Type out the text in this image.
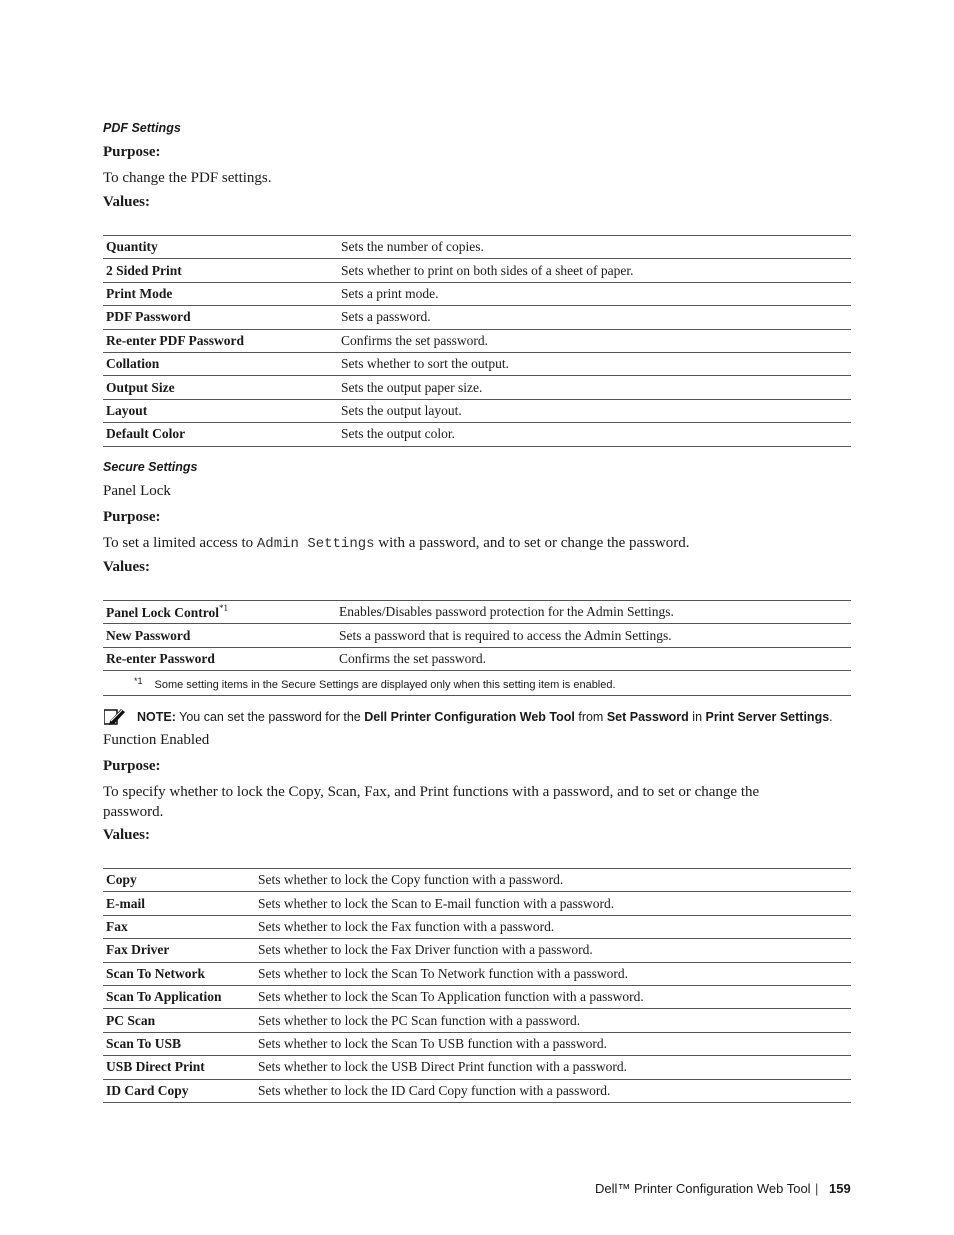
PDF Settings
Purpose:
To change the PDF settings.
Values:
Quantity	Sets the number of copies.
2 Sided Print	Sets whether to print on both sides of a sheet of paper.
Print Mode	Sets a print mode.
PDF Password	Sets a password.
Re-enter PDF Password	Confirms the set password.
Collation	Sets whether to sort the output.
Output Size	Sets the output paper size.
Layout	Sets the output layout.
Default Color	Sets the output color.
Secure Settings
Panel Lock
Purpose:
To set a limited access to Admin Settings with a password, and to set or change the password.
Values:
Panel Lock Control$^{*1}$	Enables/Disables password protection for the Admin Settings.
New Password	Sets a password that is required to access the Admin Settings.
Re-enter Password	Confirms the set password.
$^{*1}$ Some setting items in the Secure Settings are displayed only when this setting item is enabled.	
NOTE: You can set the password for the Dell Printer Configuration Web Tool from Set Password in Print Server Settings.
Function Enabled
Purpose:
To specify whether to lock the Copy, Scan, Fax, and Print functions with a password, and to set or change the password.
Values:
Copy	Sets whether to lock the Copy function with a password.
E-mail	Sets whether to lock the Scan to E-mail function with a password.
Fax	Sets whether to lock the Fax function with a password.
Fax Driver	Sets whether to lock the Fax Driver function with a password.
Scan To Network	Sets whether to lock the Scan To Network function with a password.
Scan To Application	Sets whether to lock the Scan To Application function with a password.
PC Scan	Sets whether to lock the PC Scan function with a password.
Scan To USB	Sets whether to lock the Scan To USB function with a password.
USB Direct Print	Sets whether to lock the USB Direct Print function with a password.
ID Card Copy	Sets whether to lock the ID Card Copy function with a password.
Dell™ Printer Configuration Web Tool | 159
